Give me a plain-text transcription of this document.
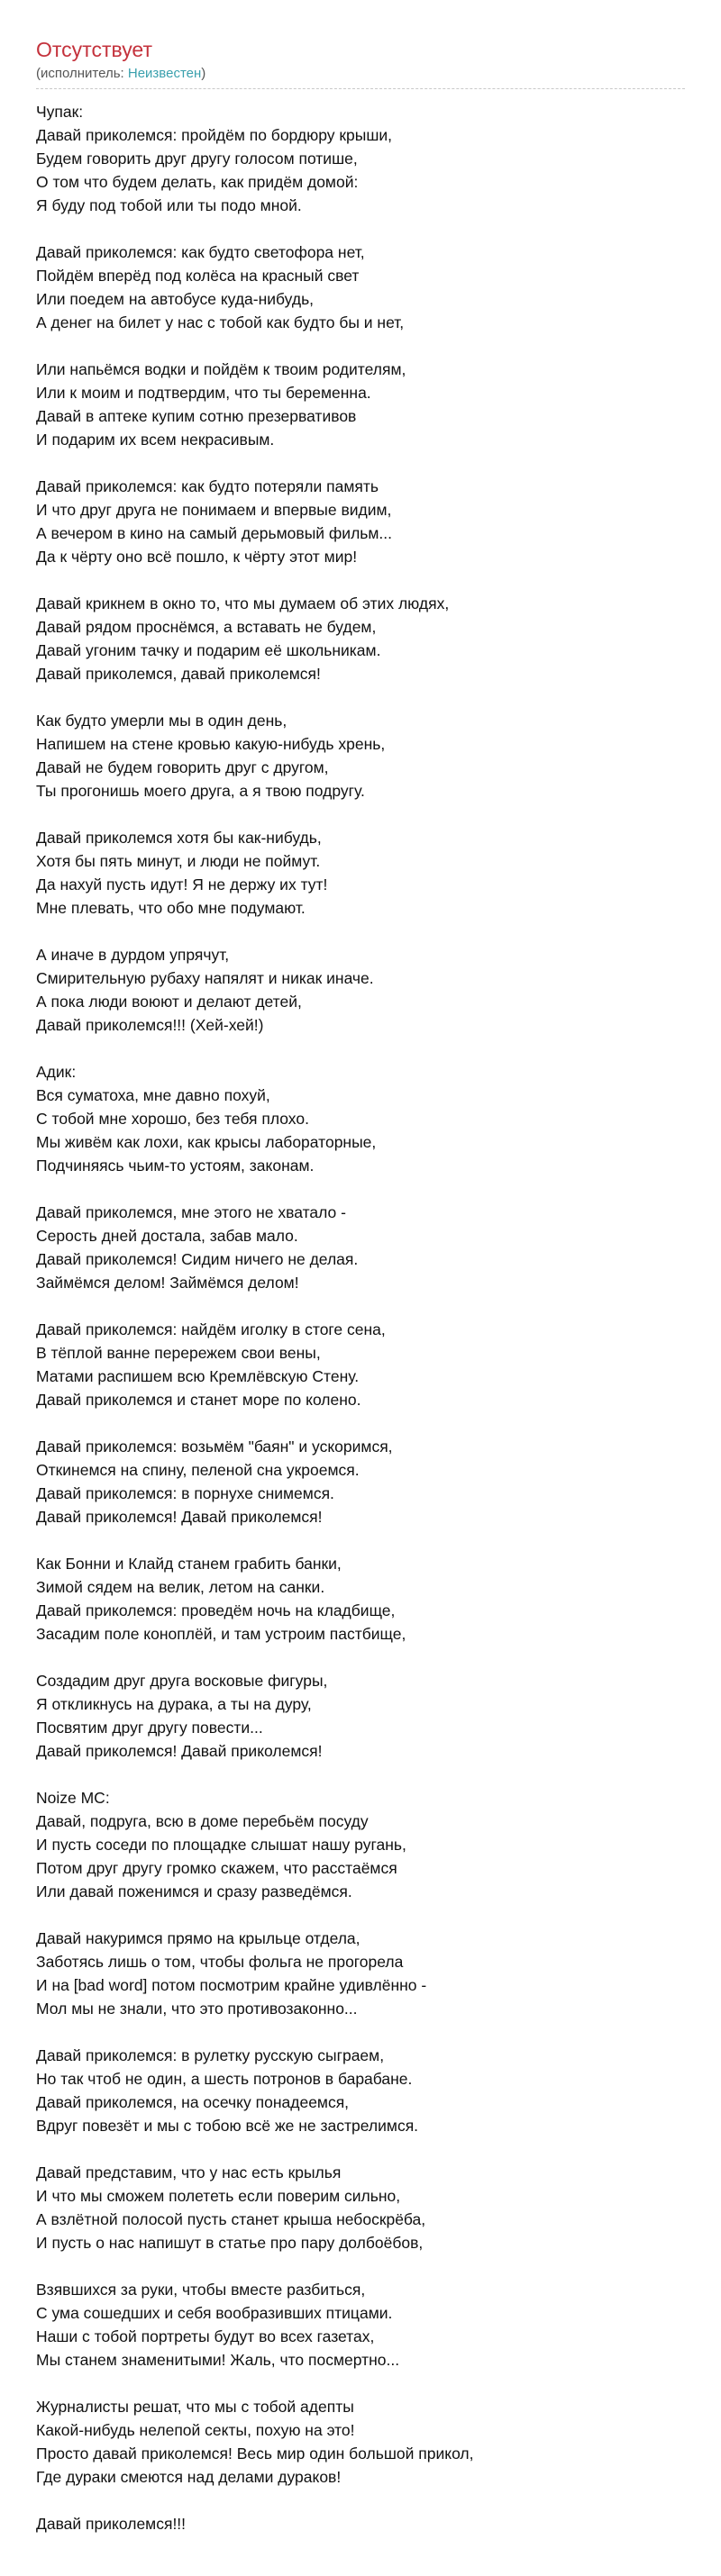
Отсутствует
(исполнитель: Неизвестен)
Чупак:
Давай приколемся: пройдём по бордюру крыши,
Будем говорить друг другу голосом потише,
О том что будем делать, как придём домой:
Я буду под тобой или ты подо мной.
Давай приколемся: как будто светофора нет,
Пойдём вперёд под колёса на красный свет
Или поедем на автобусе куда-нибудь,
А денег на билет у нас с тобой как будто бы и нет,
Или напьёмся водки и пойдём к твоим родителям,
Или к моим и подтвердим, что ты беременна.
Давай в аптеке купим сотню презервативов
И подарим их всем некрасивым.
Давай приколемся: как будто потеряли память
И что друг друга не понимаем и впервые видим,
А вечером в кино на самый дерьмовый фильм...
Да к чёрту оно всё пошло, к чёрту этот мир!
Давай крикнем в окно то, что мы думаем об этих людях,
Давай рядом проснёмся, а вставать не будем,
Давай угоним тачку и подарим её школьникам.
Давай приколемся, давай приколемся!
Как будто умерли мы в один день,
Напишем на стене кровью какую-нибудь хрень,
Давай не будем говорить друг с другом,
Ты прогонишь моего друга, а я твою подругу.
Давай приколемся хотя бы как-нибудь,
Хотя бы пять минут, и люди не поймут.
Да нахуй пусть идут! Я не держу их тут!
Мне плевать, что обо мне подумают.
А иначе в дурдом упрячут,
Смирительную рубаху напялят и никак иначе.
А пока люди воюют и делают детей,
Давай приколемся!!! (Хей-хей!)
Адик:
Вся суматоха, мне давно похуй,
С тобой мне хорошо, без тебя плохо.
Мы живём как лохи, как крысы лабораторные,
Подчиняясь чьим-то устоям, законам.
Давай приколемся, мне этого не хватало -
Серость дней достала, забав мало.
Давай приколемся! Сидим ничего не делая.
Займёмся делом! Займёмся делом!
Давай приколемся: найдём иголку в стоге сена,
В тёплой ванне перережем свои вены,
Матами распишем всю Кремлёвскую Стену.
Давай приколемся и станет море по колено.
Давай приколемся: возьмём "баян" и ускоримся,
Откинемся на спину, пеленой сна укроемся.
Давай приколемся: в порнухе снимемся.
Давай приколемся! Давай приколемся!
Как Бонни и Клайд станем грабить банки,
Зимой сядем на велик, летом на санки.
Давай приколемся: проведём ночь на кладбище,
Засадим поле коноплёй, и там устроим пастбище,
Создадим друг друга восковые фигуры,
Я откликнусь на дурака, а ты на дуру,
Посвятим друг другу повести...
Давай приколемся! Давай приколемся!
Noize MC:
Давай, подруга, всю в доме перебьём посуду
И пусть соседи по площадке слышат нашу ругань,
Потом друг другу громко скажем, что расстаёмся
Или давай поженимся и сразу разведёмся.
Давай накуримся прямо на крыльце отдела,
Заботясь лишь о том, чтобы фольга не прогорела
И на [bad word] потом посмотрим крайне удивлённо -
Мол мы не знали, что это противозаконно...
Давай приколемся: в рулетку русскую сыграем,
Но так чтоб не один, а шесть потронов в барабане.
Давай приколемся, на осечку понадеемся,
Вдруг повезёт и мы с тобою всё же не застрелимся.
Давай представим, что у нас есть крылья
И что мы сможем полететь если поверим сильно,
А взлётной полосой пусть станет крыша небоскрёба,
И пусть о нас напишут в статье про пару долбоёбов,
Взявшихся за руки, чтобы вместе разбиться,
С ума сошедших и себя вообразивших птицами.
Наши с тобой портреты будут во всех газетах,
Мы станем знаменитыми! Жаль, что посмертно...
Журналисты решат, что мы с тобой адепты
Какой-нибудь нелепой секты, похую на это!
Просто давай приколемся! Весь мир один большой прикол,
Где дураки смеются над делами дураков!
Давай приколемся!!!
